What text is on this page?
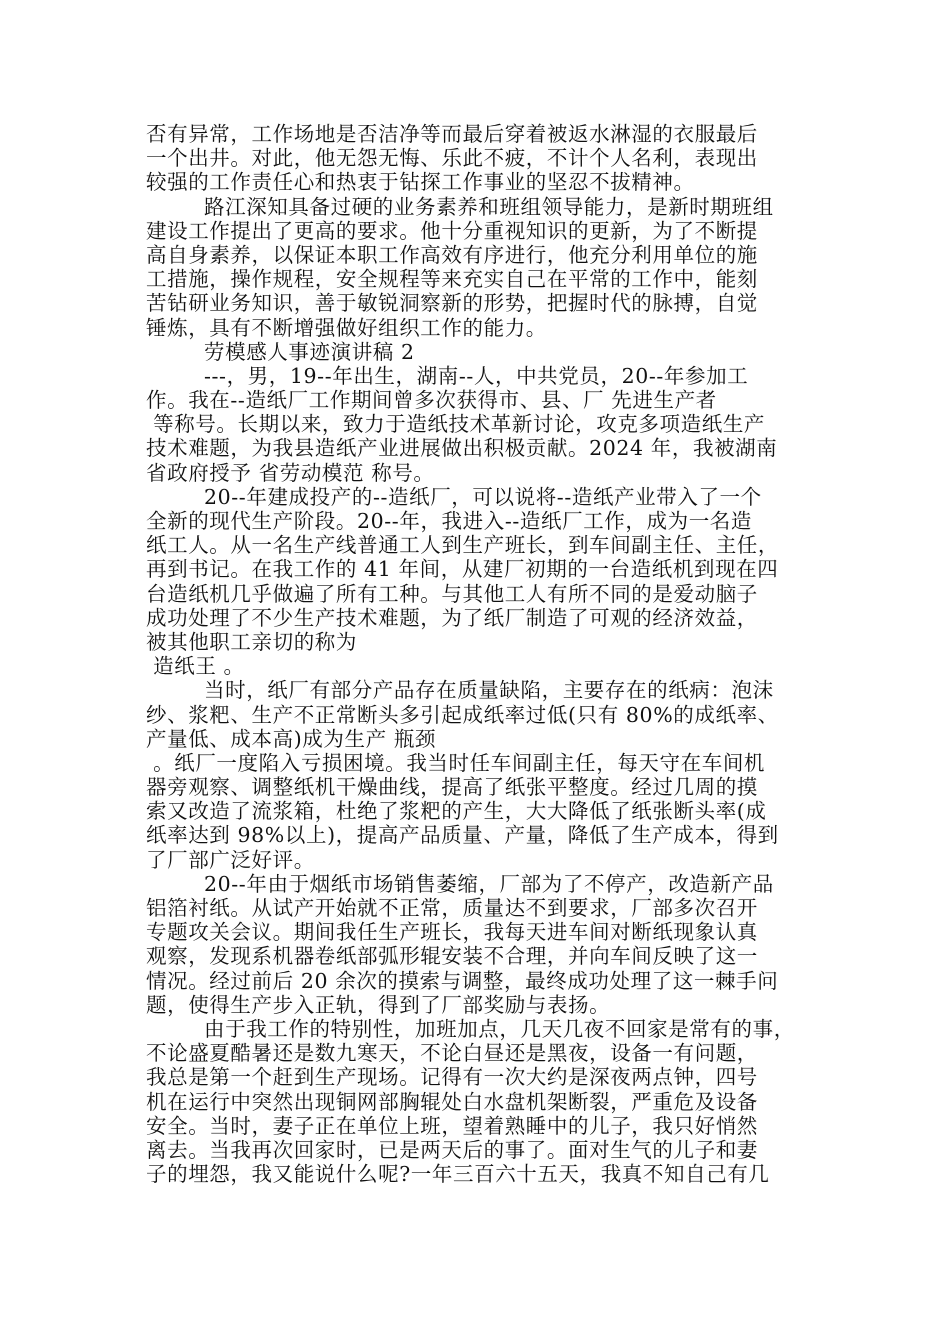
否有异常，工作场地是否洁净等而最后穿着被返水淋湿的衣服最后
一个出井。对此，他无怨无悔、乐此不疲，不计个人名利，表现出
较强的工作责任心和热衷于钻探工作事业的坚忍不拔精神。
路江深知具备过硬的业务素养和班组领导能力，是新时期班组
建设工作提出了更高的要求。他十分重视知识的更新，为了不断提
高自身素养，以保证本职工作高效有序进行，他充分利用单位的施
工措施，操作规程，安全规程等来充实自己在平常的工作中，能刻
苦钻研业务知识，善于敏锐洞察新的形势，把握时代的脉搏，自觉
锤炼，具有不断增强做好组织工作的能力。
劳模感人事迹演讲稿 2
---，男，19--年出生，湖南--人，中共党员，20--年参加工
作。我在--造纸厂工作期间曾多次获得市、县、厂 先进生产者
等称号。长期以来，致力于造纸技术革新讨论，攻克多项造纸生产
技术难题，为我县造纸产业进展做出积极贡献。2024 年，我被湖南
省政府授予 省劳动模范 称号。
20--年建成投产的--造纸厂，可以说将--造纸产业带入了一个
全新的现代生产阶段。20--年，我进入--造纸厂工作，成为一名造
纸工人。从一名生产线普通工人到生产班长，到车间副主任、主任，
再到书记。在我工作的 41 年间，从建厂初期的一台造纸机到现在四
台造纸机几乎做遍了所有工种。与其他工人有所不同的是爱动脑子
成功处理了不少生产技术难题，为了纸厂制造了可观的经济效益，
被其他职工亲切的称为
造纸王 。
当时，纸厂有部分产品存在质量缺陷，主要存在的纸病：泡沫
纱、浆粑、生产不正常断头多引起成纸率过低(只有 80%的成纸率、
产量低、成本高)成为生产 瓶颈
。纸厂一度陷入亏损困境。我当时任车间副主任，每天守在车间机
器旁观察、调整纸机干燥曲线，提高了纸张平整度。经过几周的摸
索又改造了流浆箱，杜绝了浆粑的产生，大大降低了纸张断头率(成
纸率达到 98%以上)，提高产品质量、产量，降低了生产成本，得到
了厂部广泛好评。
20--年由于烟纸市场销售萎缩，厂部为了不停产，改造新产品
铝箔衬纸。从试产开始就不正常，质量达不到要求，厂部多次召开
专题攻关会议。期间我任生产班长，我每天进车间对断纸现象认真
观察，发现系机器卷纸部弧形辊安装不合理，并向车间反映了这一
情况。经过前后 20 余次的摸索与调整，最终成功处理了这一棘手问
题，使得生产步入正轨，得到了厂部奖励与表扬。
由于我工作的特别性，加班加点，几天几夜不回家是常有的事，
不论盛夏酷暑还是数九寒天，不论白昼还是黑夜，设备一有问题，
我总是第一个赶到生产现场。记得有一次大约是深夜两点钟，四号
机在运行中突然出现铜网部胸辊处白水盘机架断裂，严重危及设备
安全。当时，妻子正在单位上班，望着熟睡中的儿子，我只好悄然
离去。当我再次回家时，已是两天后的事了。面对生气的儿子和妻
子的埋怨，我又能说什么呢?一年三百六十五天，我真不知自己有几
